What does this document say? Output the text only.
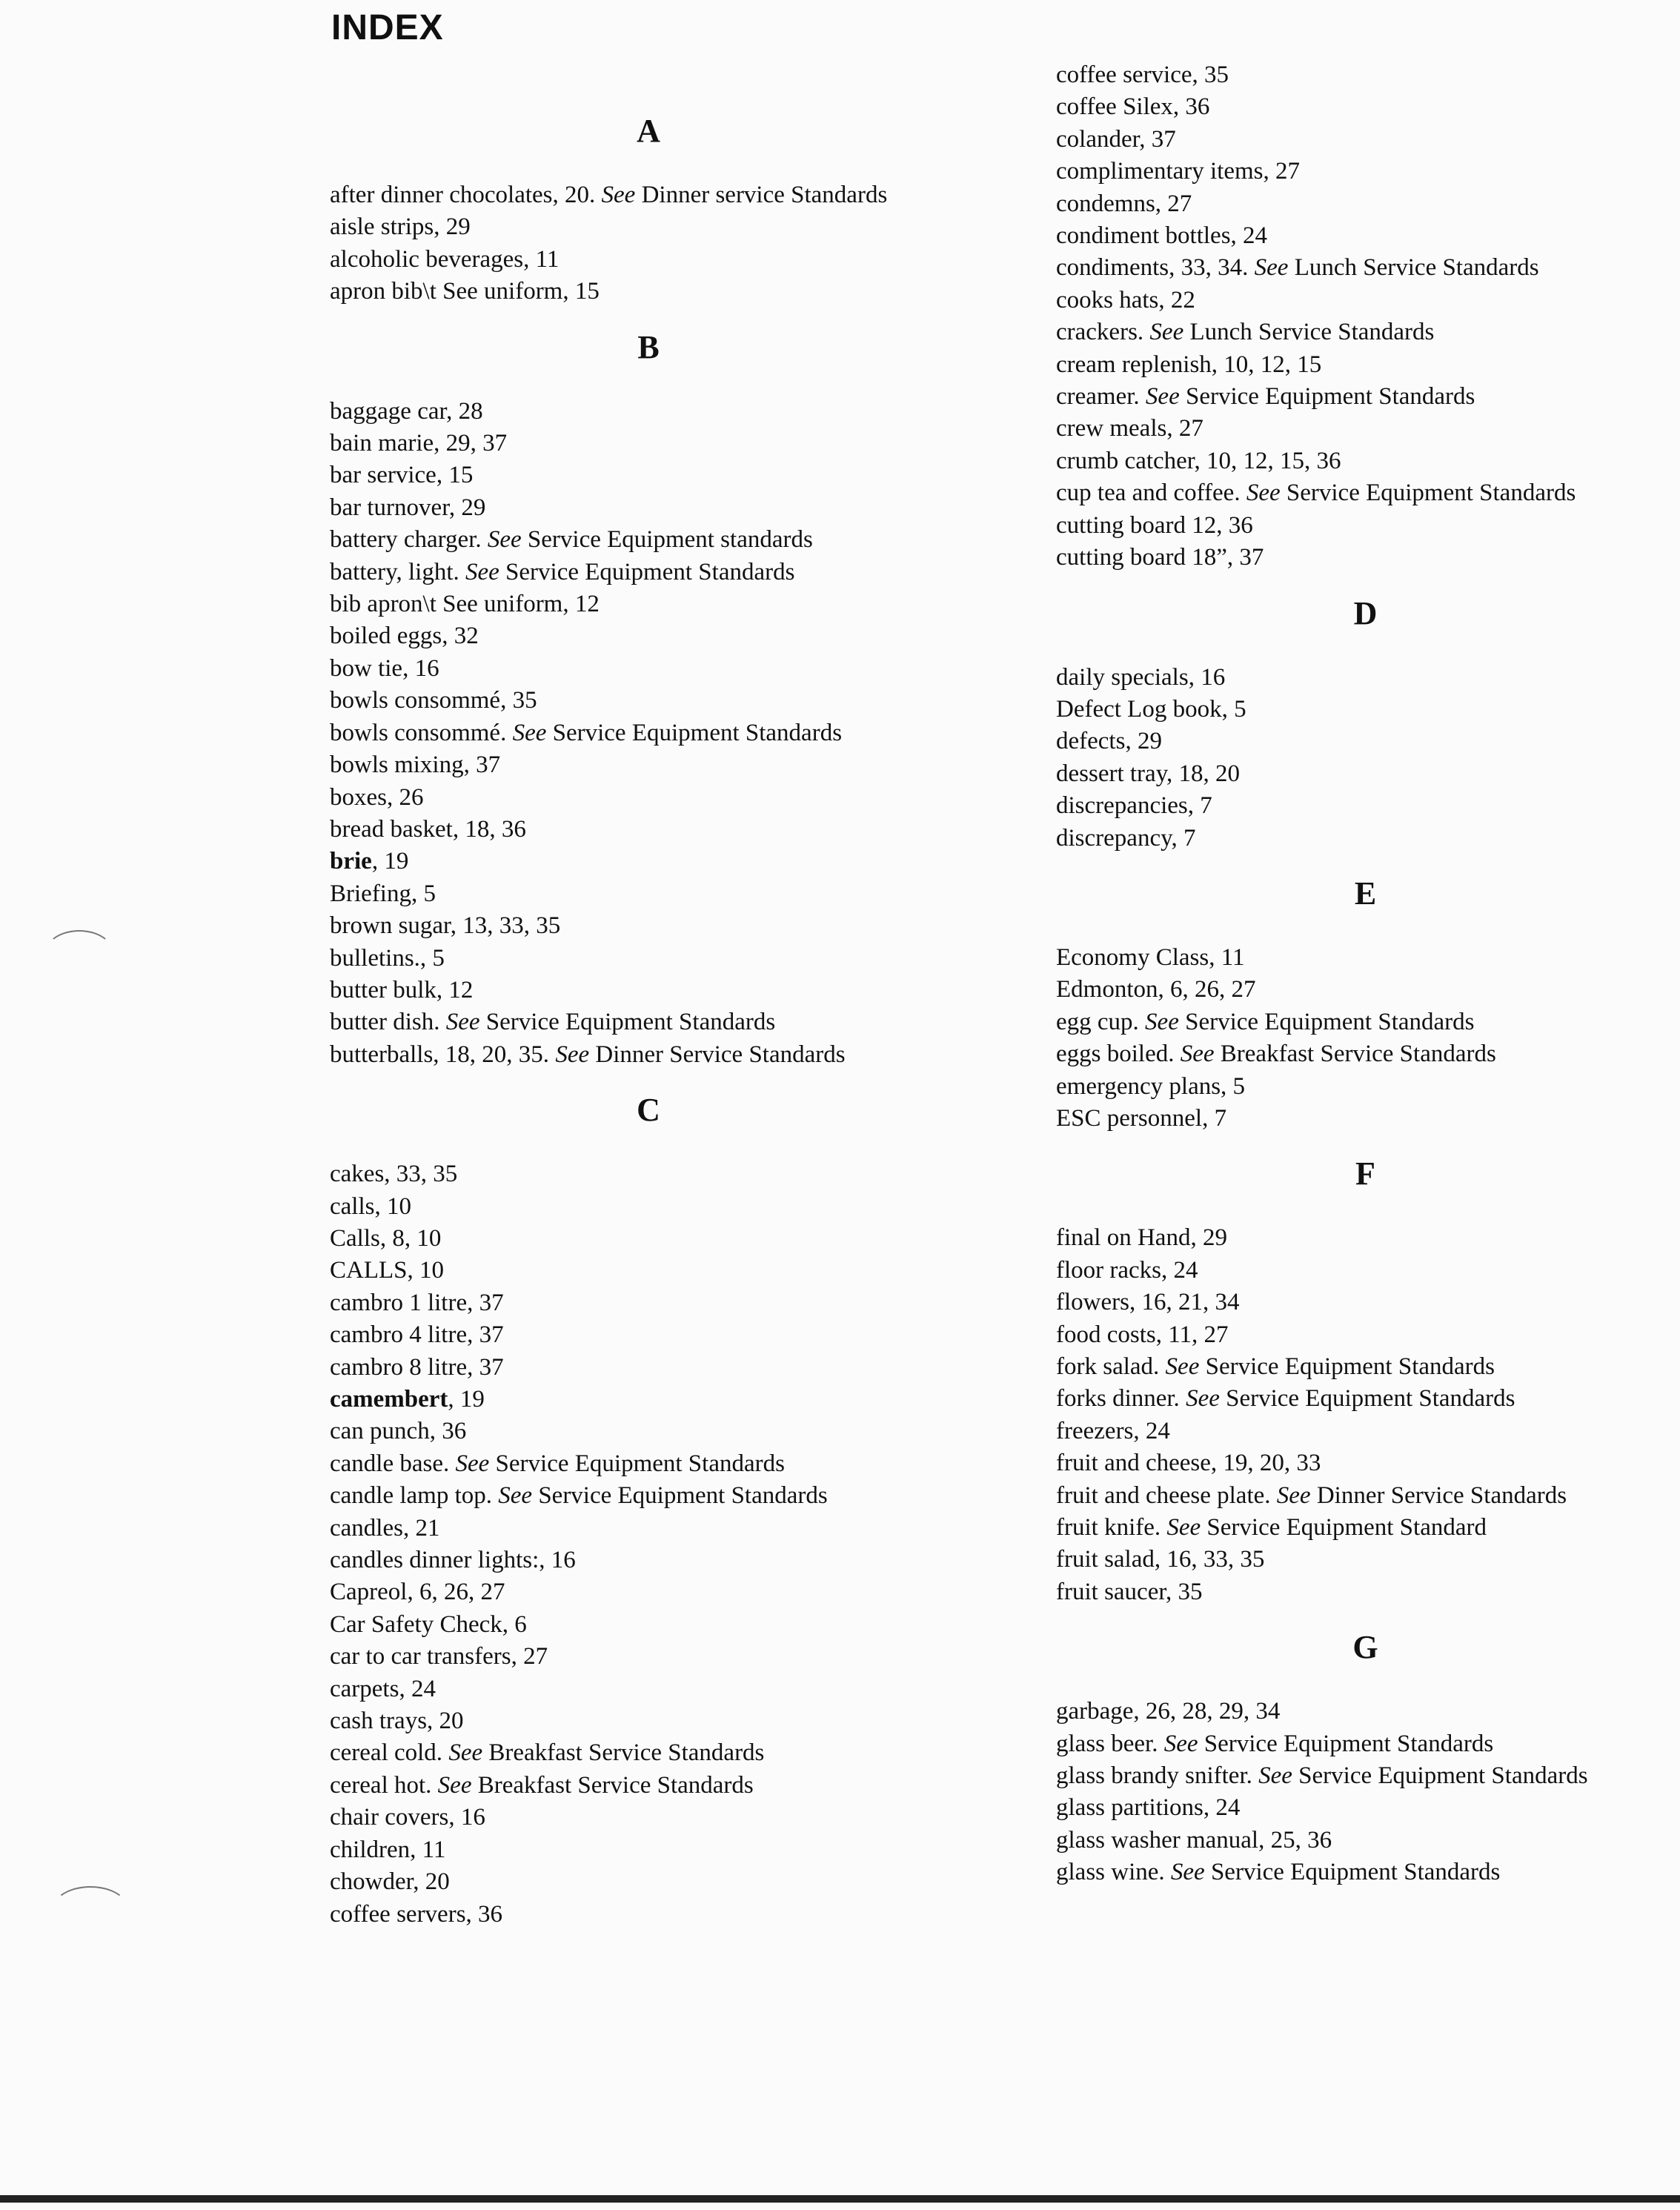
INDEX
A
after dinner chocolates, 20. See Dinner service Standards
aisle strips, 29
alcoholic beverages, 11
apron bib\t See uniform, 15
B
baggage car, 28
bain marie, 29, 37
bar service, 15
bar turnover, 29
battery charger. See Service Equipment standards
battery, light. See Service Equipment Standards
bib apron\t See uniform, 12
boiled eggs, 32
bow tie, 16
bowls consommé, 35
bowls consommé. See Service Equipment Standards
bowls mixing, 37
boxes, 26
bread basket, 18, 36
brie, 19
Briefing, 5
brown sugar, 13, 33, 35
bulletins., 5
butter bulk, 12
butter dish. See Service Equipment Standards
butterballs, 18, 20, 35. See Dinner Service Standards
C
cakes, 33, 35
calls, 10
Calls, 8, 10
CALLS, 10
cambro 1 litre, 37
cambro 4 litre, 37
cambro 8 litre, 37
camembert, 19
can punch, 36
candle base. See Service Equipment Standards
candle lamp top. See Service Equipment Standards
candles, 21
candles dinner lights:, 16
Capreol, 6, 26, 27
Car Safety Check, 6
car to car transfers, 27
carpets, 24
cash trays, 20
cereal cold. See Breakfast Service Standards
cereal hot. See Breakfast Service Standards
chair covers, 16
children, 11
chowder, 20
coffee servers, 36
coffee service, 35
coffee Silex, 36
colander, 37
complimentary items, 27
condemns, 27
condiment bottles, 24
condiments, 33, 34. See Lunch Service Standards
cooks hats, 22
crackers. See Lunch Service Standards
cream replenish, 10, 12, 15
creamer. See Service Equipment Standards
crew meals, 27
crumb catcher, 10, 12, 15, 36
cup tea and coffee. See Service Equipment Standards
cutting board 12, 36
cutting board 18”, 37
D
daily specials, 16
Defect Log book, 5
defects, 29
dessert tray, 18, 20
discrepancies, 7
discrepancy, 7
E
Economy Class, 11
Edmonton, 6, 26, 27
egg cup. See Service Equipment Standards
eggs boiled. See Breakfast Service Standards
emergency plans, 5
ESC personnel, 7
F
final on Hand, 29
floor racks, 24
flowers, 16, 21, 34
food costs, 11, 27
fork salad. See Service Equipment Standards
forks dinner. See Service Equipment Standards
freezers, 24
fruit and cheese, 19, 20, 33
fruit and cheese plate. See Dinner Service Standards
fruit knife. See Service Equipment Standard
fruit salad, 16, 33, 35
fruit saucer, 35
G
garbage, 26, 28, 29, 34
glass beer. See Service Equipment Standards
glass brandy snifter. See Service Equipment Standards
glass partitions, 24
glass washer manual, 25, 36
glass wine. See Service Equipment Standards
